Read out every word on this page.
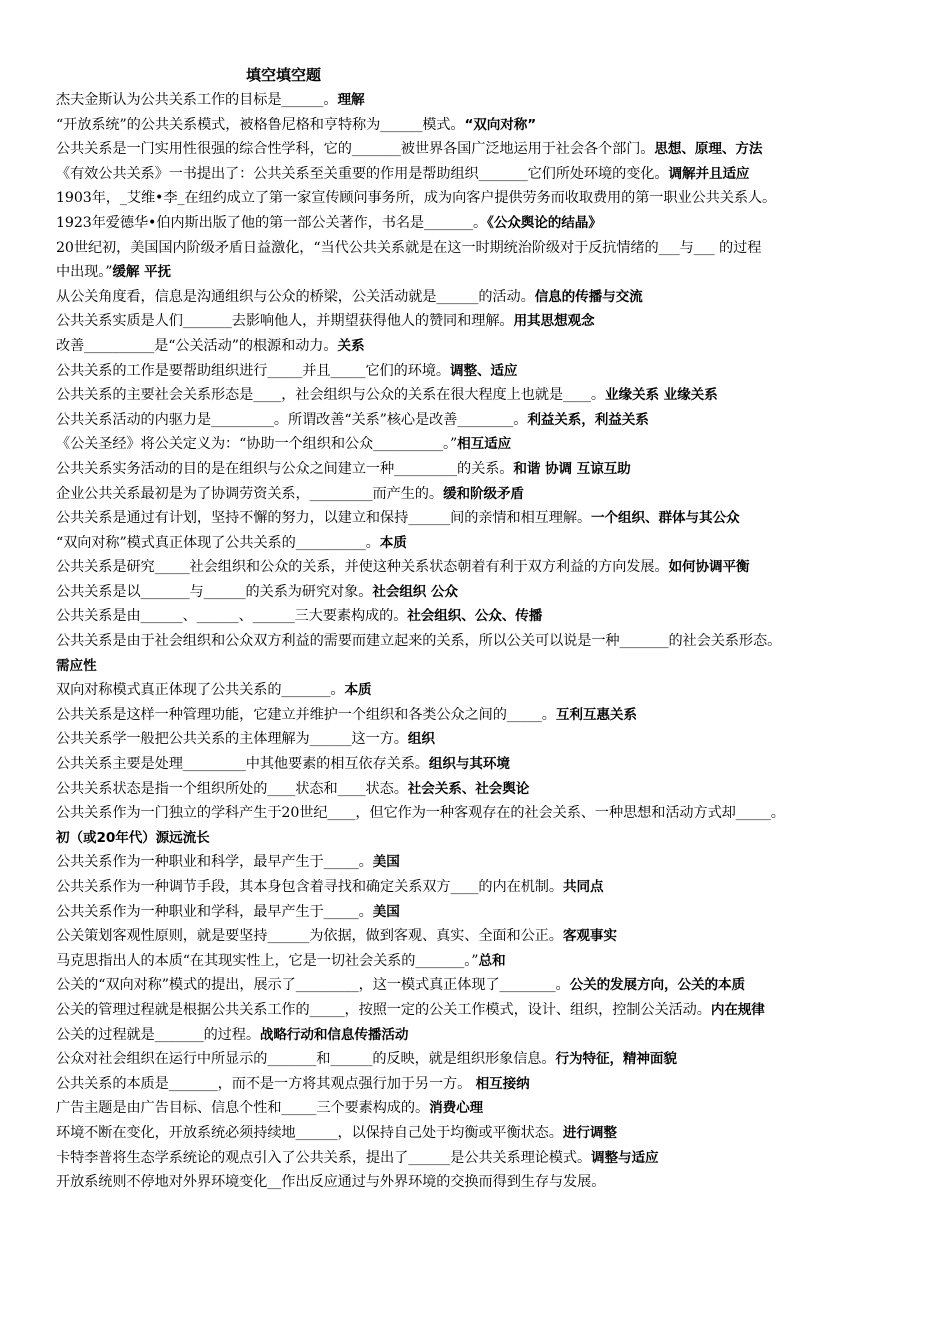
填空填空题
杰夫金斯认为公共关系工作的目标是______。理解
“开放系统”的公共关系模式，被格鲁尼格和亨特称为______模式。“双向对称”
公共关系是一门实用性很强的综合性学科，它的_______被世界各国广泛地运用于社会各个部门。思想、原理、方法
《有效公共关系》一书提出了：公共关系至关重要的作用是帮助组织_______它们所处环境的变化。调解并且适应
1903年，_艾维•李_在纽约成立了第一家宣传顾问事务所，成为向客户提供劳务而收取费用的第一职业公共关系人。
1923年爱德华•伯内斯出版了他的第一部公关著作，书名是_______。《公众舆论的结晶》
20世纪初，美国国内阶级矛盾日益激化，“当代公共关系就是在这一时期统治阶级对于反抗情绪的___与___ 的过程
中出现。”缓解 平抚
从公关角度看，信息是沟通组织与公众的桥梁，公关活动就是______的活动。信息的传播与交流
公共关系实质是人们_______去影响他人，并期望获得他人的赞同和理解。用其思想观念
改善__________是“公关活动”的根源和动力。关系
公共关系的工作是要帮助组织进行_____并且_____它们的环境。调整、适应
公共关系的主要社会关系形态是____，社会组织与公众的关系在很大程度上也就是____。业缘关系 业缘关系
公共关系活动的内驱力是_________。所谓改善“关系”核心是改善________。利益关系，利益关系
《公关圣经》将公关定义为：“协助一个组织和公众__________。”相互适应
公共关系实务活动的目的是在组织与公众之间建立一种_________的关系。和谐 协调 互谅互助
企业公共关系最初是为了协调劳资关系，_________而产生的。缓和阶级矛盾
公共关系是通过有计划，坚持不懈的努力，以建立和保持______间的亲情和相互理解。一个组织、群体与其公众
“双向对称”模式真正体现了公共关系的__________。本质
公共关系是研究_____社会组织和公众的关系，并使这种关系状态朝着有利于双方利益的方向发展。如何协调平衡
公共关系是以_______与______的关系为研究对象。社会组织 公众
公共关系是由______、______、______三大要素构成的。社会组织、公众、传播
公共关系是由于社会组织和公众双方利益的需要而建立起来的关系，所以公关可以说是一种_______的社会关系形态。
需应性
双向对称模式真正体现了公共关系的_______。本质
公共关系是这样一种管理功能，它建立并维护一个组织和各类公众之间的_____。互利互惠关系
公共关系学一般把公共关系的主体理解为______这一方。组织
公共关系主要是处理_________中其他要素的相互依存关系。组织与其环境
公共关系状态是指一个组织所处的____状态和____状态。社会关系、社会舆论
公共关系作为一门独立的学科产生于20世纪____，但它作为一种客观存在的社会关系、一种思想和活动方式却_____。
初（或20年代）源远流长
公共关系作为一种职业和科学，最早产生于_____。美国
公共关系作为一种调节手段，其本身包含着寻找和确定关系双方____的内在机制。共同点
公共关系作为一种职业和学科，最早产生于_____。美国
公关策划客观性原则，就是要坚持______为依据，做到客观、真实、全面和公正。客观事实
马克思指出人的本质“在其现实性上，它是一切社会关系的_______。”总和
公关的“双向对称”模式的提出，展示了_________，这一模式真正体现了________。公关的发展方向，公关的本质
公关的管理过程就是根据公共关系工作的_____，按照一定的公关工作模式，设计、组织，控制公关活动。内在规律
公关的过程就是_______的过程。战略行动和信息传播活动
公众对社会组织在运行中所显示的_______和______的反映，就是组织形象信息。行为特征，精神面貌
公共关系的本质是_______，而不是一方将其观点强行加于另一方。 相互接纳
广告主题是由广告目标、信息个性和_____三个要素构成的。消费心理
环境不断在变化，开放系统必须持续地______，以保持自己处于均衡或平衡状态。进行调整
卡特李普将生态学系统论的观点引入了公共关系，提出了______是公共关系理论模式。调整与适应
开放系统则不停地对外界环境变化__作出反应通过与外界环境的交换而得到生存与发展。
